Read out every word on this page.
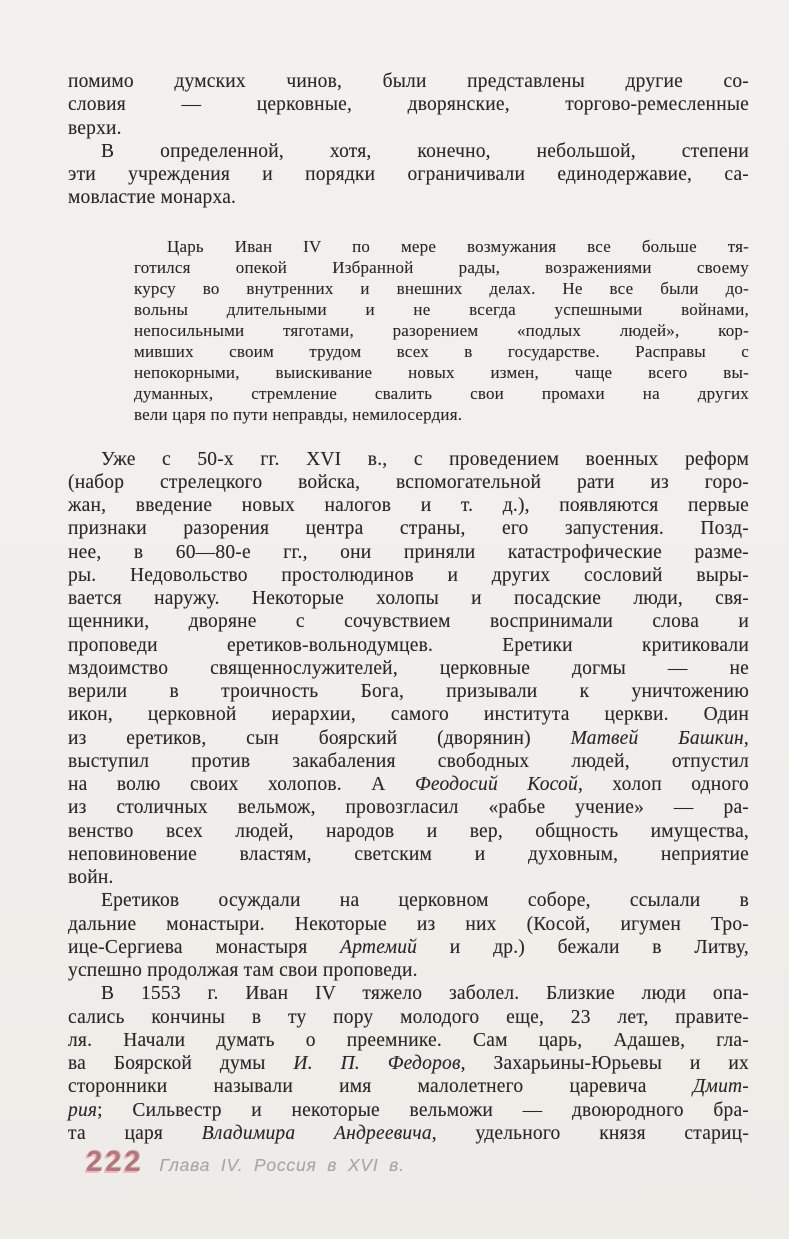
помимо думских чинов, были представлены другие со-
словия — церковные, дворянские, торгово-ремесленные
верхи.
В определенной, хотя, конечно, небольшой, степени
эти учреждения и порядки ограничивали единодержавие, са-
мовластие монарха.
Царь Иван IV по мере возмужания все больше тя-
готился опекой Избранной рады, возражениями своему
курсу во внутренних и внешних делах. Не все были до-
вольны длительными и не всегда успешными войнами,
непосильными тяготами, разорением «подлых людей», кор-
мивших своим трудом всех в государстве. Расправы с
непокорными, выискивание новых измен, чаще всего вы-
думанных, стремление свалить свои промахи на других
вели царя по пути неправды, немилосердия.
Уже с 50-х гг. XVI в., с проведением военных реформ
(набор стрелецкого войска, вспомогательной рати из горо-
жан, введение новых налогов и т. д.), появляются первые
признаки разорения центра страны, его запустения. Позд-
нее, в 60—80-е гг., они приняли катастрофические разме-
ры. Недовольство простолюдинов и других сословий выры-
вается наружу. Некоторые холопы и посадские люди, свя-
щенники, дворяне с сочувствием воспринимали слова и
проповеди еретиков-вольнодумцев. Еретики критиковали
мздоимство священнослужителей, церковные догмы — не
верили в троичность Бога, призывали к уничтожению
икон, церковной иерархии, самого института церкви. Один
из еретиков, сын боярский (дворянин) Матвей Башкин,
выступил против закабаления свободных людей, отпустил
на волю своих холопов. А Феодосий Косой, холоп одного
из столичных вельмож, провозгласил «рабье учение» — ра-
венство всех людей, народов и вер, общность имущества,
неповиновение властям, светским и духовным, неприятие
войн.
Еретиков осуждали на церковном соборе, ссылали в
дальние монастыри. Некоторые из них (Косой, игумен Тро-
ице-Сергиева монастыря Артемий и др.) бежали в Литву,
успешно продолжая там свои проповеди.
В 1553 г. Иван IV тяжело заболел. Близкие люди опа-
сались кончины в ту пору молодого еще, 23 лет, правите-
ля. Начали думать о преемнике. Сам царь, Адашев, гла-
ва Боярской думы И. П. Федоров, Захарьины-Юрьевы и их
сторонники называли имя малолетнего царевича Дмит-
рия; Сильвестр и некоторые вельможи — двоюродного бра-
та царя Владимира Андреевича, удельного князя стариц-
222 Глава IV. Россия в XVI в.
